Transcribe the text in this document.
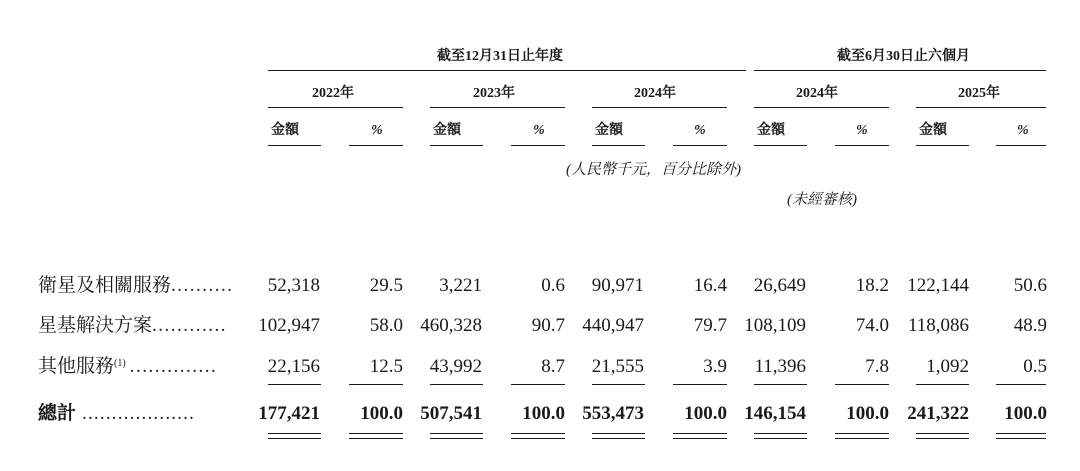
截至12月31日止年度	截至6月30日止六個月
2022年	2023年	2024年	2024年	2025年
金額	%	金額	%	金額	%	金額	%	金額	%
(人民幣千元，百分比除外)
(未經審核)
衛星及相關服務.......... 52,318	29.5 3,221	0.6 90,971	16.4 26,649	18.2 122,144 50.6
星基解決方案............ 102,947	58.0 460,328	90.7 440,947	79.7 108,109	74.0 118,086 48.9
其他服務$^{(1)}$ ..............	22,156	12.5 43,992	8.7 21,555	3.9 11,396	7.8 1,092	0.5
總計 ...................	177,421 100.0 507,541 100.0 553,473 100.0 146,154 100.0 241,322 100.0
